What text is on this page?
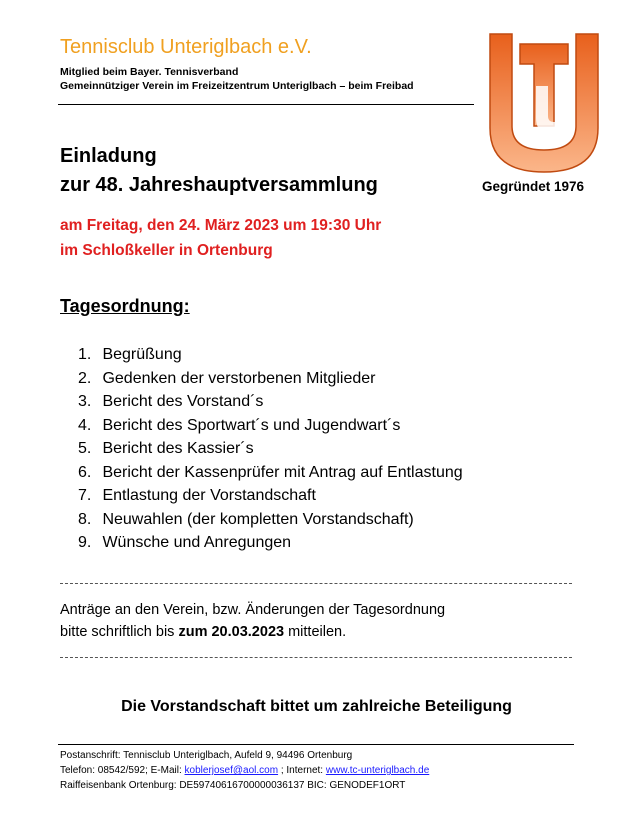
Tennisclub Unteriglbach e.V.
Mitglied beim Bayer. Tennisverband
Gemeinnütziger Verein im Freizeitzentrum Unteriglbach – beim Freibad
Gegründet 1976
Einladung
zur 48. Jahreshauptversammlung
am Freitag, den 24. März 2023 um 19:30 Uhr
im Schloßkeller in Ortenburg
Tagesordnung:
1. Begrüßung
2. Gedenken der verstorbenen Mitglieder
3. Bericht des Vorstand´s
4. Bericht des Sportwart´s und Jugendwart´s
5. Bericht des Kassier´s
6. Bericht der Kassenprüfer mit Antrag auf Entlastung
7. Entlastung der Vorstandschaft
8. Neuwahlen (der kompletten Vorstandschaft)
9. Wünsche und Anregungen
Anträge an den Verein, bzw. Änderungen der Tagesordnung
bitte schriftlich bis zum 20.03.2023 mitteilen.
Die Vorstandschaft bittet um zahlreiche Beteiligung
Postanschrift: Tennisclub Unteriglbach, Aufeld 9, 94496 Ortenburg
Telefon: 08542/592; E-Mail: koblerjosef@aol.com ; Internet: www.tc-unteriglbach.de
Raiffeisenbank Ortenburg: DE59740616700000036137 BIC: GENODEF1ORT
